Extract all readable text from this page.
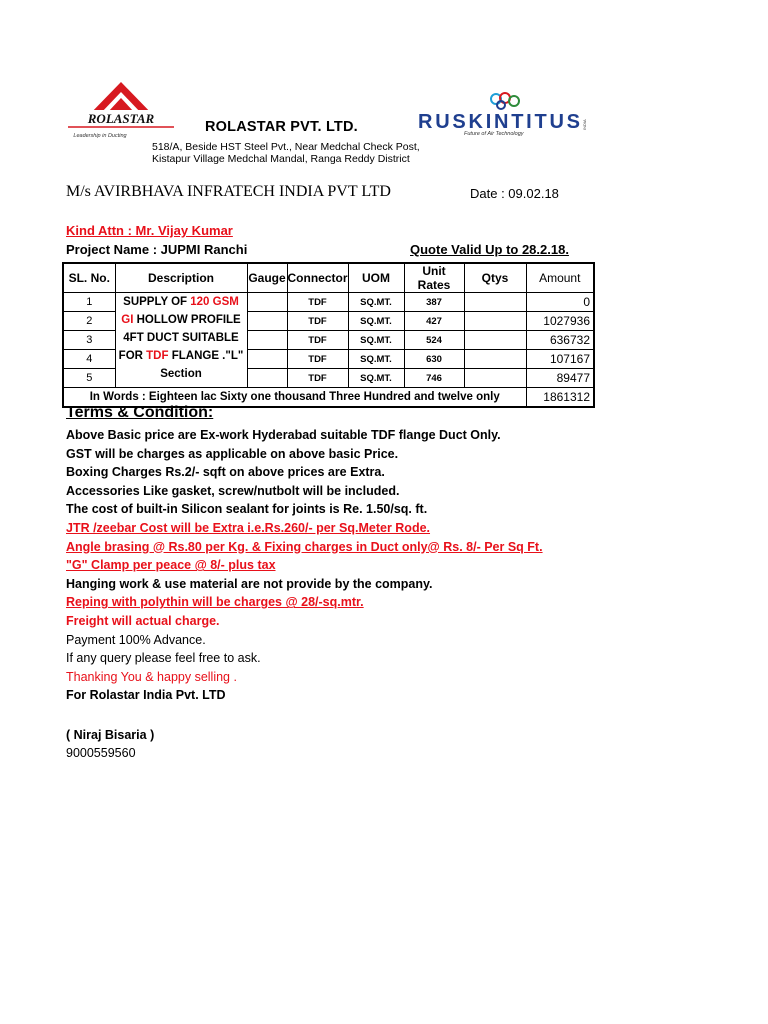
ROLASTAR
Leadership in Ducting
ROLASTAR PVT. LTD.	RUSKINTITUS
Future of Air Technology
INDIA
518/A, Beside HST Steel Pvt., Near Medchal Check Post,
Kistapur Village Medchal Mandal, Ranga Reddy District
M/s AVIRBHAVA INFRATECH INDIA PVT LTD	Date : 09.02.18
Kind Attn : Mr. Vijay Kumar
Project Name : JUPMI Ranchi	Quote Valid Up to 28.2.18.
SL. No.	Description	Gauge	Connector	UOM	Unit Rates	Qtys	Amount
1	SUPPLY OF 120 GSM GI HOLLOW PROFILE 4FT DUCT SUITABLE FOR TDF FLANGE ."L" Section		TDF	SQ.MT.	387		0
2			TDF	SQ.MT.	427		1027936
3			TDF	SQ.MT.	524		636732
4			TDF	SQ.MT.	630		107167
5			TDF	SQ.MT.	746		89477
In Words : Eighteen lac Sixty one thousand Three Hundred and twelve only							1861312
Terms & Condition:
Above Basic price are Ex-work Hyderabad suitable TDF flange Duct Only.
GST will be charges as applicable on above basic Price.
Boxing Charges Rs.2/- sqft on above prices are Extra.
Accessories Like gasket, screw/nutbolt will be included.
The cost of built-in Silicon sealant for joints is Re. 1.50/sq. ft.
JTR /zeebar Cost will be Extra i.e.Rs.260/- per Sq.Meter Rode.
Angle brasing @ Rs.80 per Kg. & Fixing charges in Duct only@ Rs. 8/- Per Sq Ft.
"G" Clamp per peace @ 8/- plus tax
Hanging work & use material are not provide by the company.
Reping with polythin will be charges @ 28/-sq.mtr.
Freight will actual charge.
Payment 100% Advance.
If any query please feel free to ask.
Thanking You & happy selling .
For Rolastar India Pvt. LTD
( Niraj Bisaria )
9000559560
